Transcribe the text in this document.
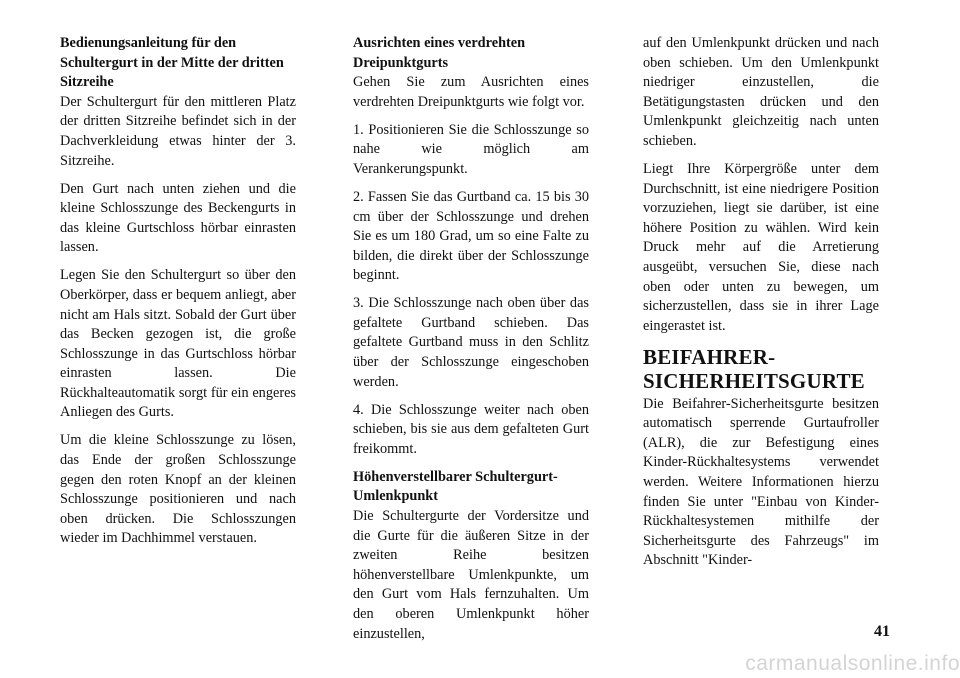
Bedienungsanleitung für den Schultergurt in der Mitte der dritten Sitzreihe

Der Schultergurt für den mittleren Platz der dritten Sitzreihe befindet sich in der Dachverkleidung etwas hinter der 3. Sitzreihe.

Den Gurt nach unten ziehen und die kleine Schlosszunge des Beckengurts in das kleine Gurtschloss hörbar einrasten lassen.

Legen Sie den Schultergurt so über den Oberkörper, dass er bequem anliegt, aber nicht am Hals sitzt. Sobald der Gurt über das Becken gezogen ist, die große Schlosszunge in das Gurtschloss hörbar einrasten lassen. Die Rückhalteautomatik sorgt für ein engeres Anliegen des Gurts.

Um die kleine Schlosszunge zu lösen, das Ende der großen Schlosszunge gegen den roten Knopf an der kleinen Schlosszunge positionieren und nach oben drücken. Die Schlosszungen wieder im Dachhimmel verstauen.

Ausrichten eines verdrehten Dreipunktgurts

Gehen Sie zum Ausrichten eines verdrehten Dreipunktgurts wie folgt vor.

1. Positionieren Sie die Schlosszunge so nahe wie möglich am Verankerungspunkt.

2. Fassen Sie das Gurtband ca. 15 bis 30 cm über der Schlosszunge und drehen Sie es um 180 Grad, um so eine Falte zu bilden, die direkt über der Schlosszunge beginnt.

3. Die Schlosszunge nach oben über das gefaltete Gurtband schieben. Das gefaltete Gurtband muss in den Schlitz über der Schlosszunge eingeschoben werden.

4. Die Schlosszunge weiter nach oben schieben, bis sie aus dem gefalteten Gurt freikommt.

Höhenverstellbarer Schultergurt-Umlenkpunkt

Die Schultergurte der Vordersitze und die Gurte für die äußeren Sitze in der zweiten Reihe besitzen höhenverstellbare Umlenkpunkte, um den Gurt vom Hals fernzuhalten. Um den oberen Umlenkpunkt höher einzustellen,

auf den Umlenkpunkt drücken und nach oben schieben. Um den Umlenkpunkt niedriger einzustellen, die Betätigungstasten drücken und den Umlenkpunkt gleichzeitig nach unten schieben.

Liegt Ihre Körpergröße unter dem Durchschnitt, ist eine niedrigere Position vorzuziehen, liegt sie darüber, ist eine höhere Position zu wählen. Wird kein Druck mehr auf die Arretierung ausgeübt, versuchen Sie, diese nach oben oder unten zu bewegen, um sicherzustellen, dass sie in ihrer Lage eingerastet ist.

BEIFAHRER-SICHERHEITSGURTE

Die Beifahrer-Sicherheitsgurte besitzen automatisch sperrende Gurtaufroller (ALR), die zur Befestigung eines Kinder-Rückhaltesystems verwendet werden. Weitere Informationen hierzu finden Sie unter "Einbau von Kinder-Rückhaltesystemen mithilfe der Sicherheitsgurte des Fahrzeugs" im Abschnitt "Kinder-

41
carmanualsonline.info
